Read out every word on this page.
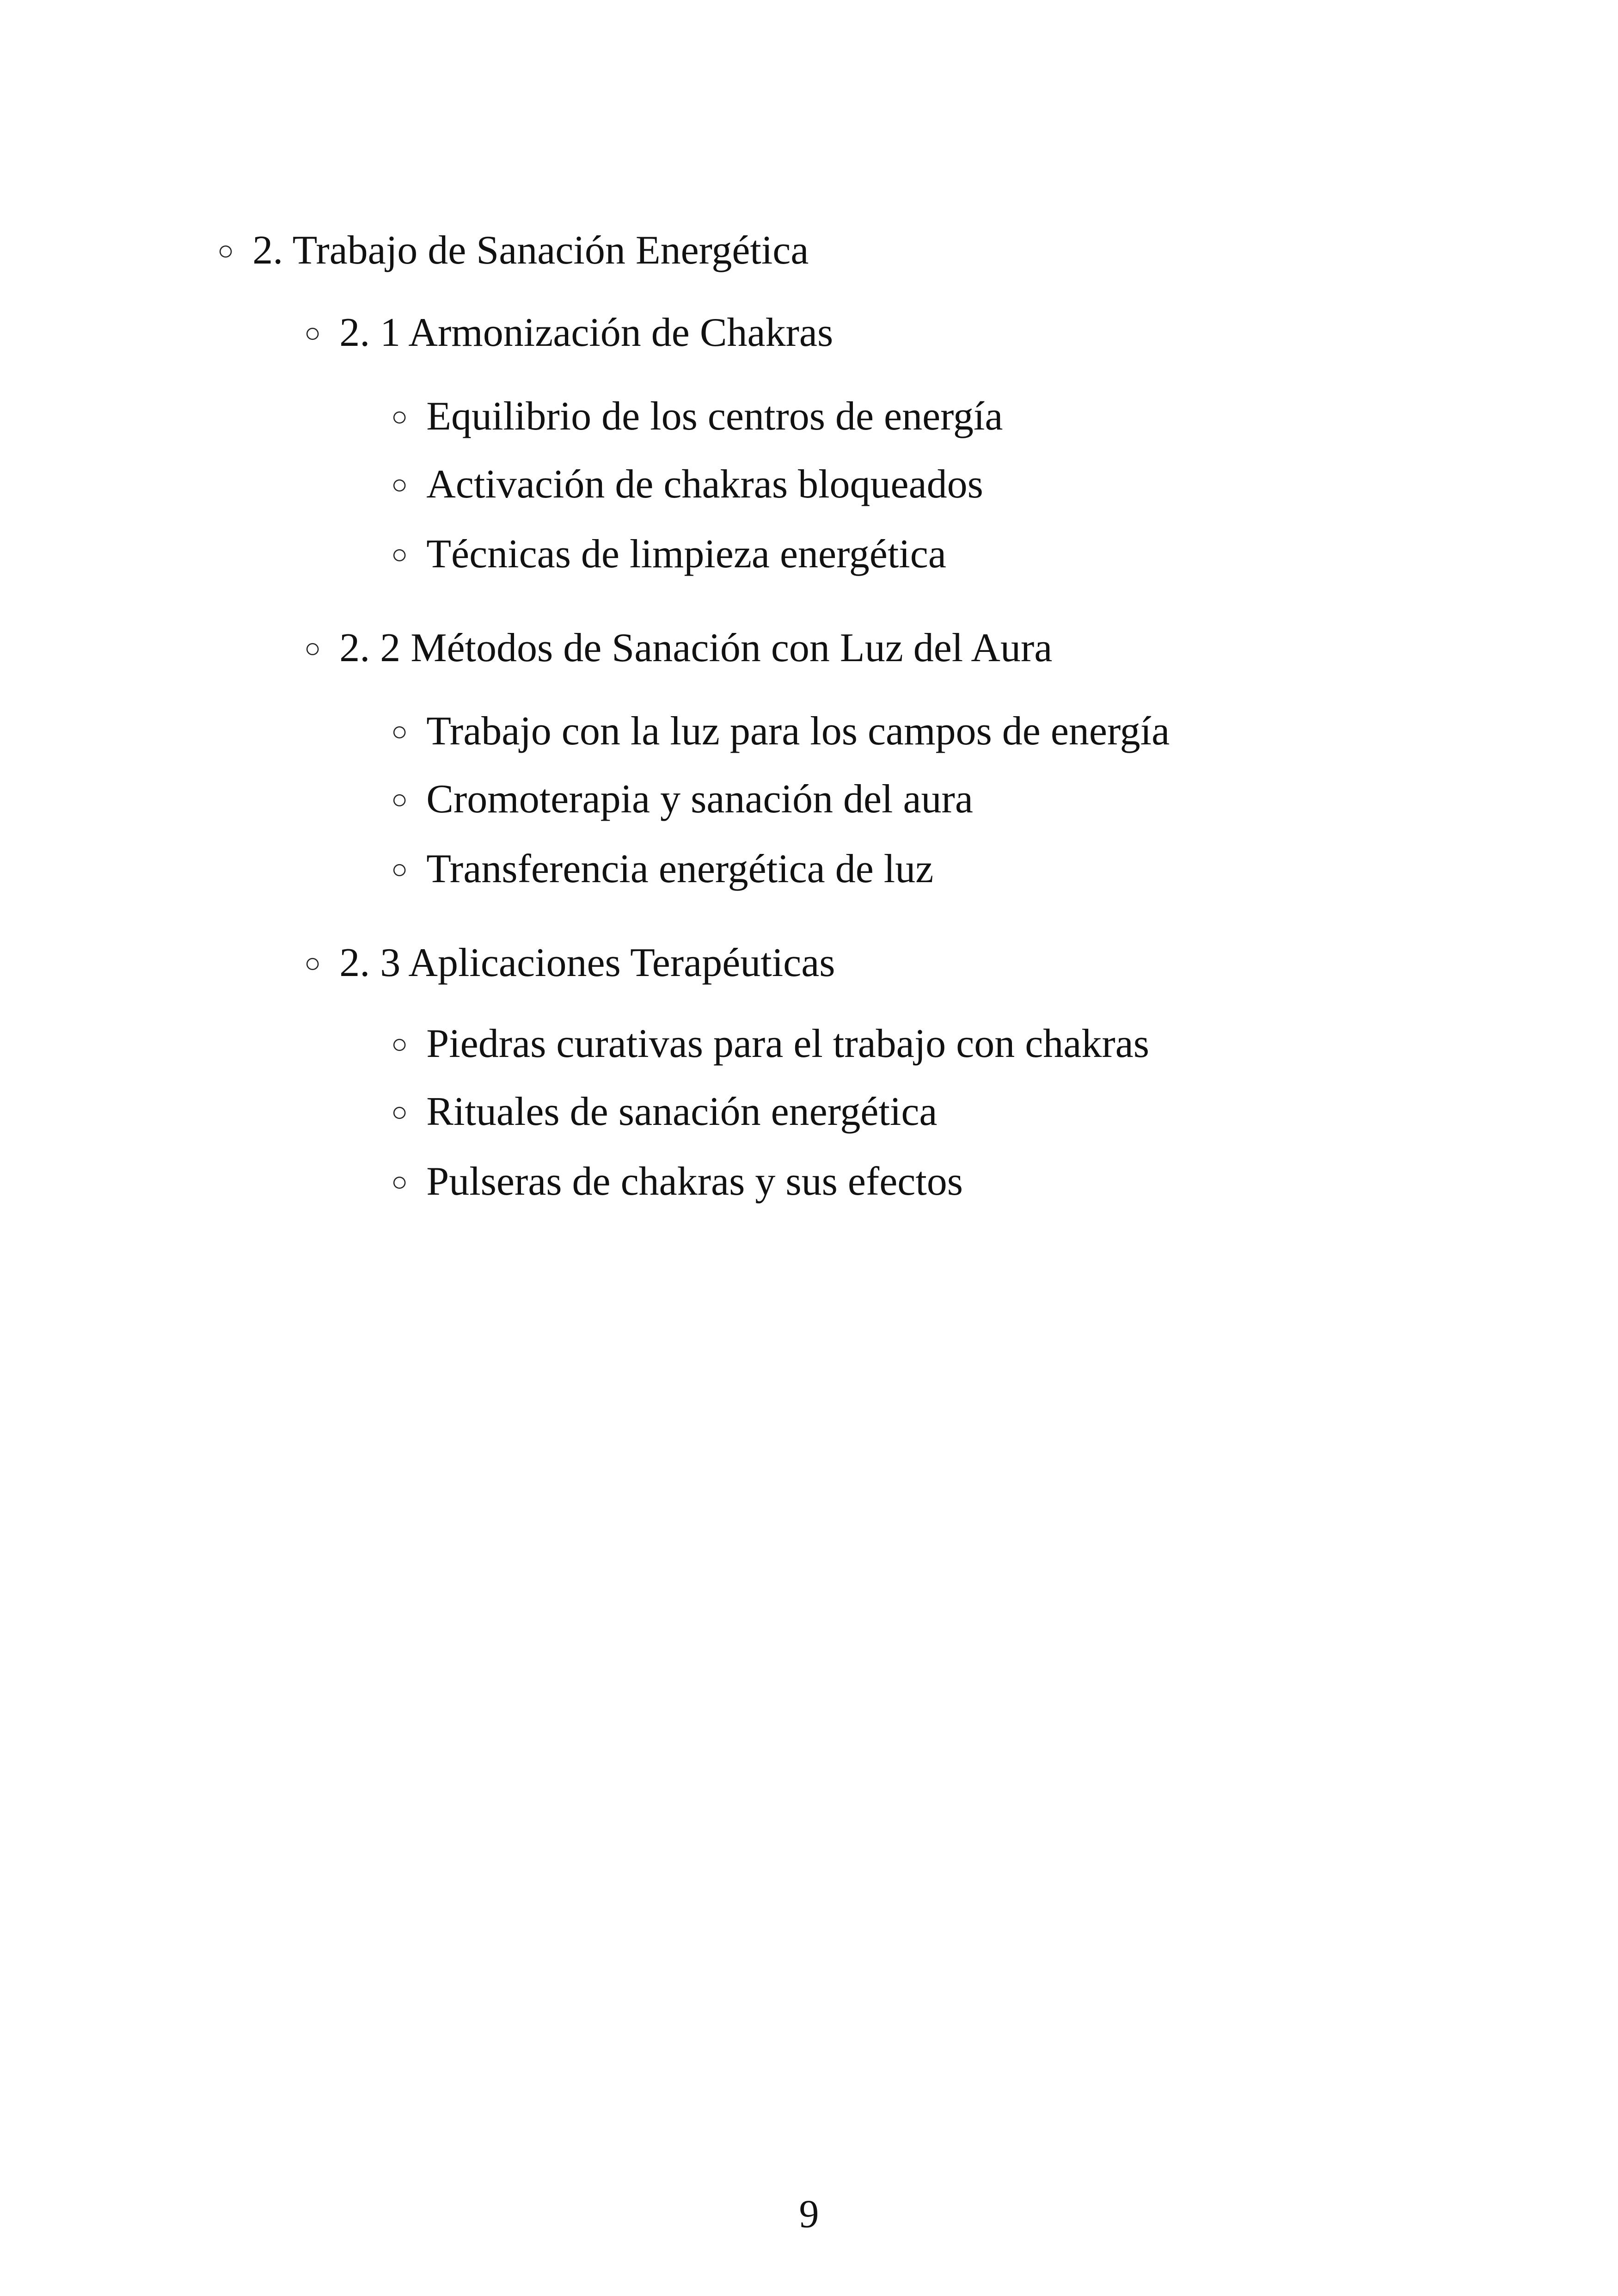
○ 2. Trabajo de Sanación Energética
○ 2. 1 Armonización de Chakras
○ Equilibrio de los centros de energía
○ Activación de chakras bloqueados
○ Técnicas de limpieza energética
○ 2. 2 Métodos de Sanación con Luz del Aura
○ Trabajo con la luz para los campos de energía
○ Cromoterapia y sanación del aura
○ Transferencia energética de luz
○ 2. 3 Aplicaciones Terapéuticas
○ Piedras curativas para el trabajo con chakras
○ Rituales de sanación energética
○ Pulseras de chakras y sus efectos
9
